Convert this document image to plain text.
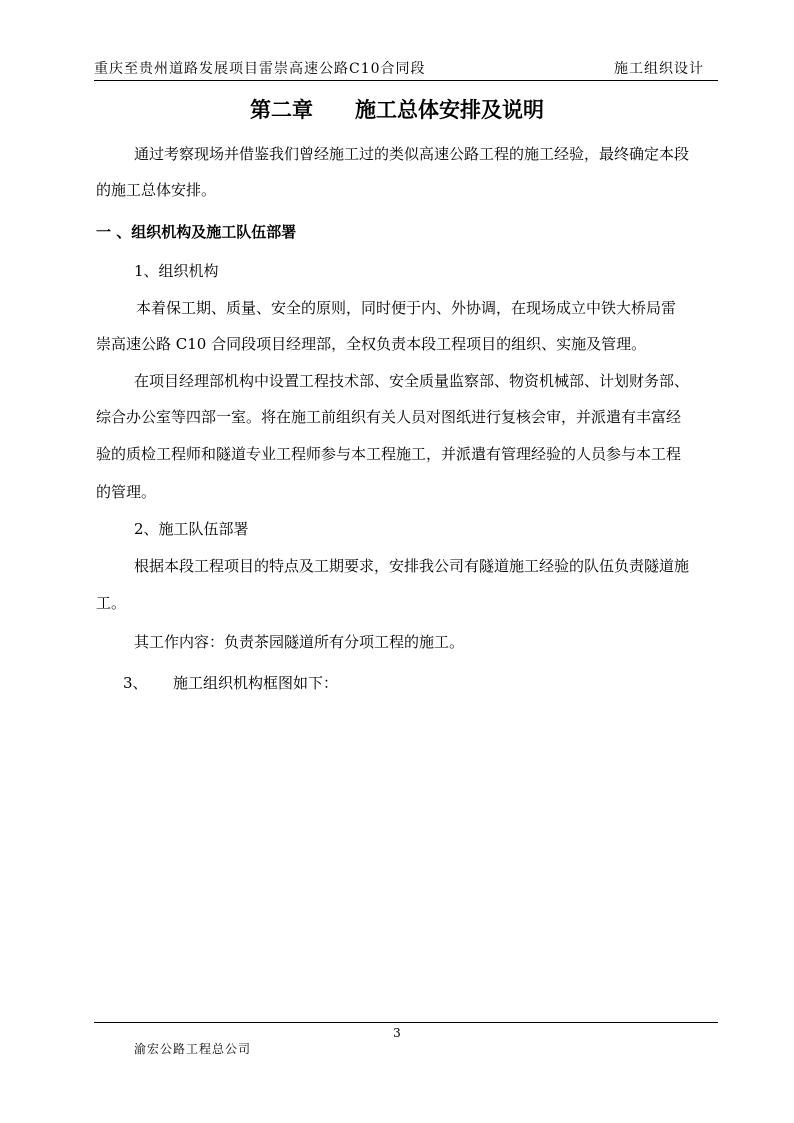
重庆至贵州道路发展项目雷崇高速公路C10合同段	施工组织设计
第二章　　施工总体安排及说明
通过考察现场并借鉴我们曾经施工过的类似高速公路工程的施工经验，最终确定本段
的施工总体安排。
一 、组织机构及施工队伍部署
1、组织机构
本着保工期、质量、安全的原则，同时便于内、外协调，在现场成立中铁大桥局雷
崇高速公路 C10 合同段项目经理部，全权负责本段工程项目的组织、实施及管理。
在项目经理部机构中设置工程技术部、安全质量监察部、物资机械部、计划财务部、
综合办公室等四部一室。将在施工前组织有关人员对图纸进行复核会审，并派遣有丰富经
验的质检工程师和隧道专业工程师参与本工程施工，并派遣有管理经验的人员参与本工程
的管理。
2、施工队伍部署
根据本段工程项目的特点及工期要求，安排我公司有隧道施工经验的队伍负责隧道施
工。
其工作内容：负责茶园隧道所有分项工程的施工。
3、	施工组织机构框图如下：
3
渝宏公路工程总公司
